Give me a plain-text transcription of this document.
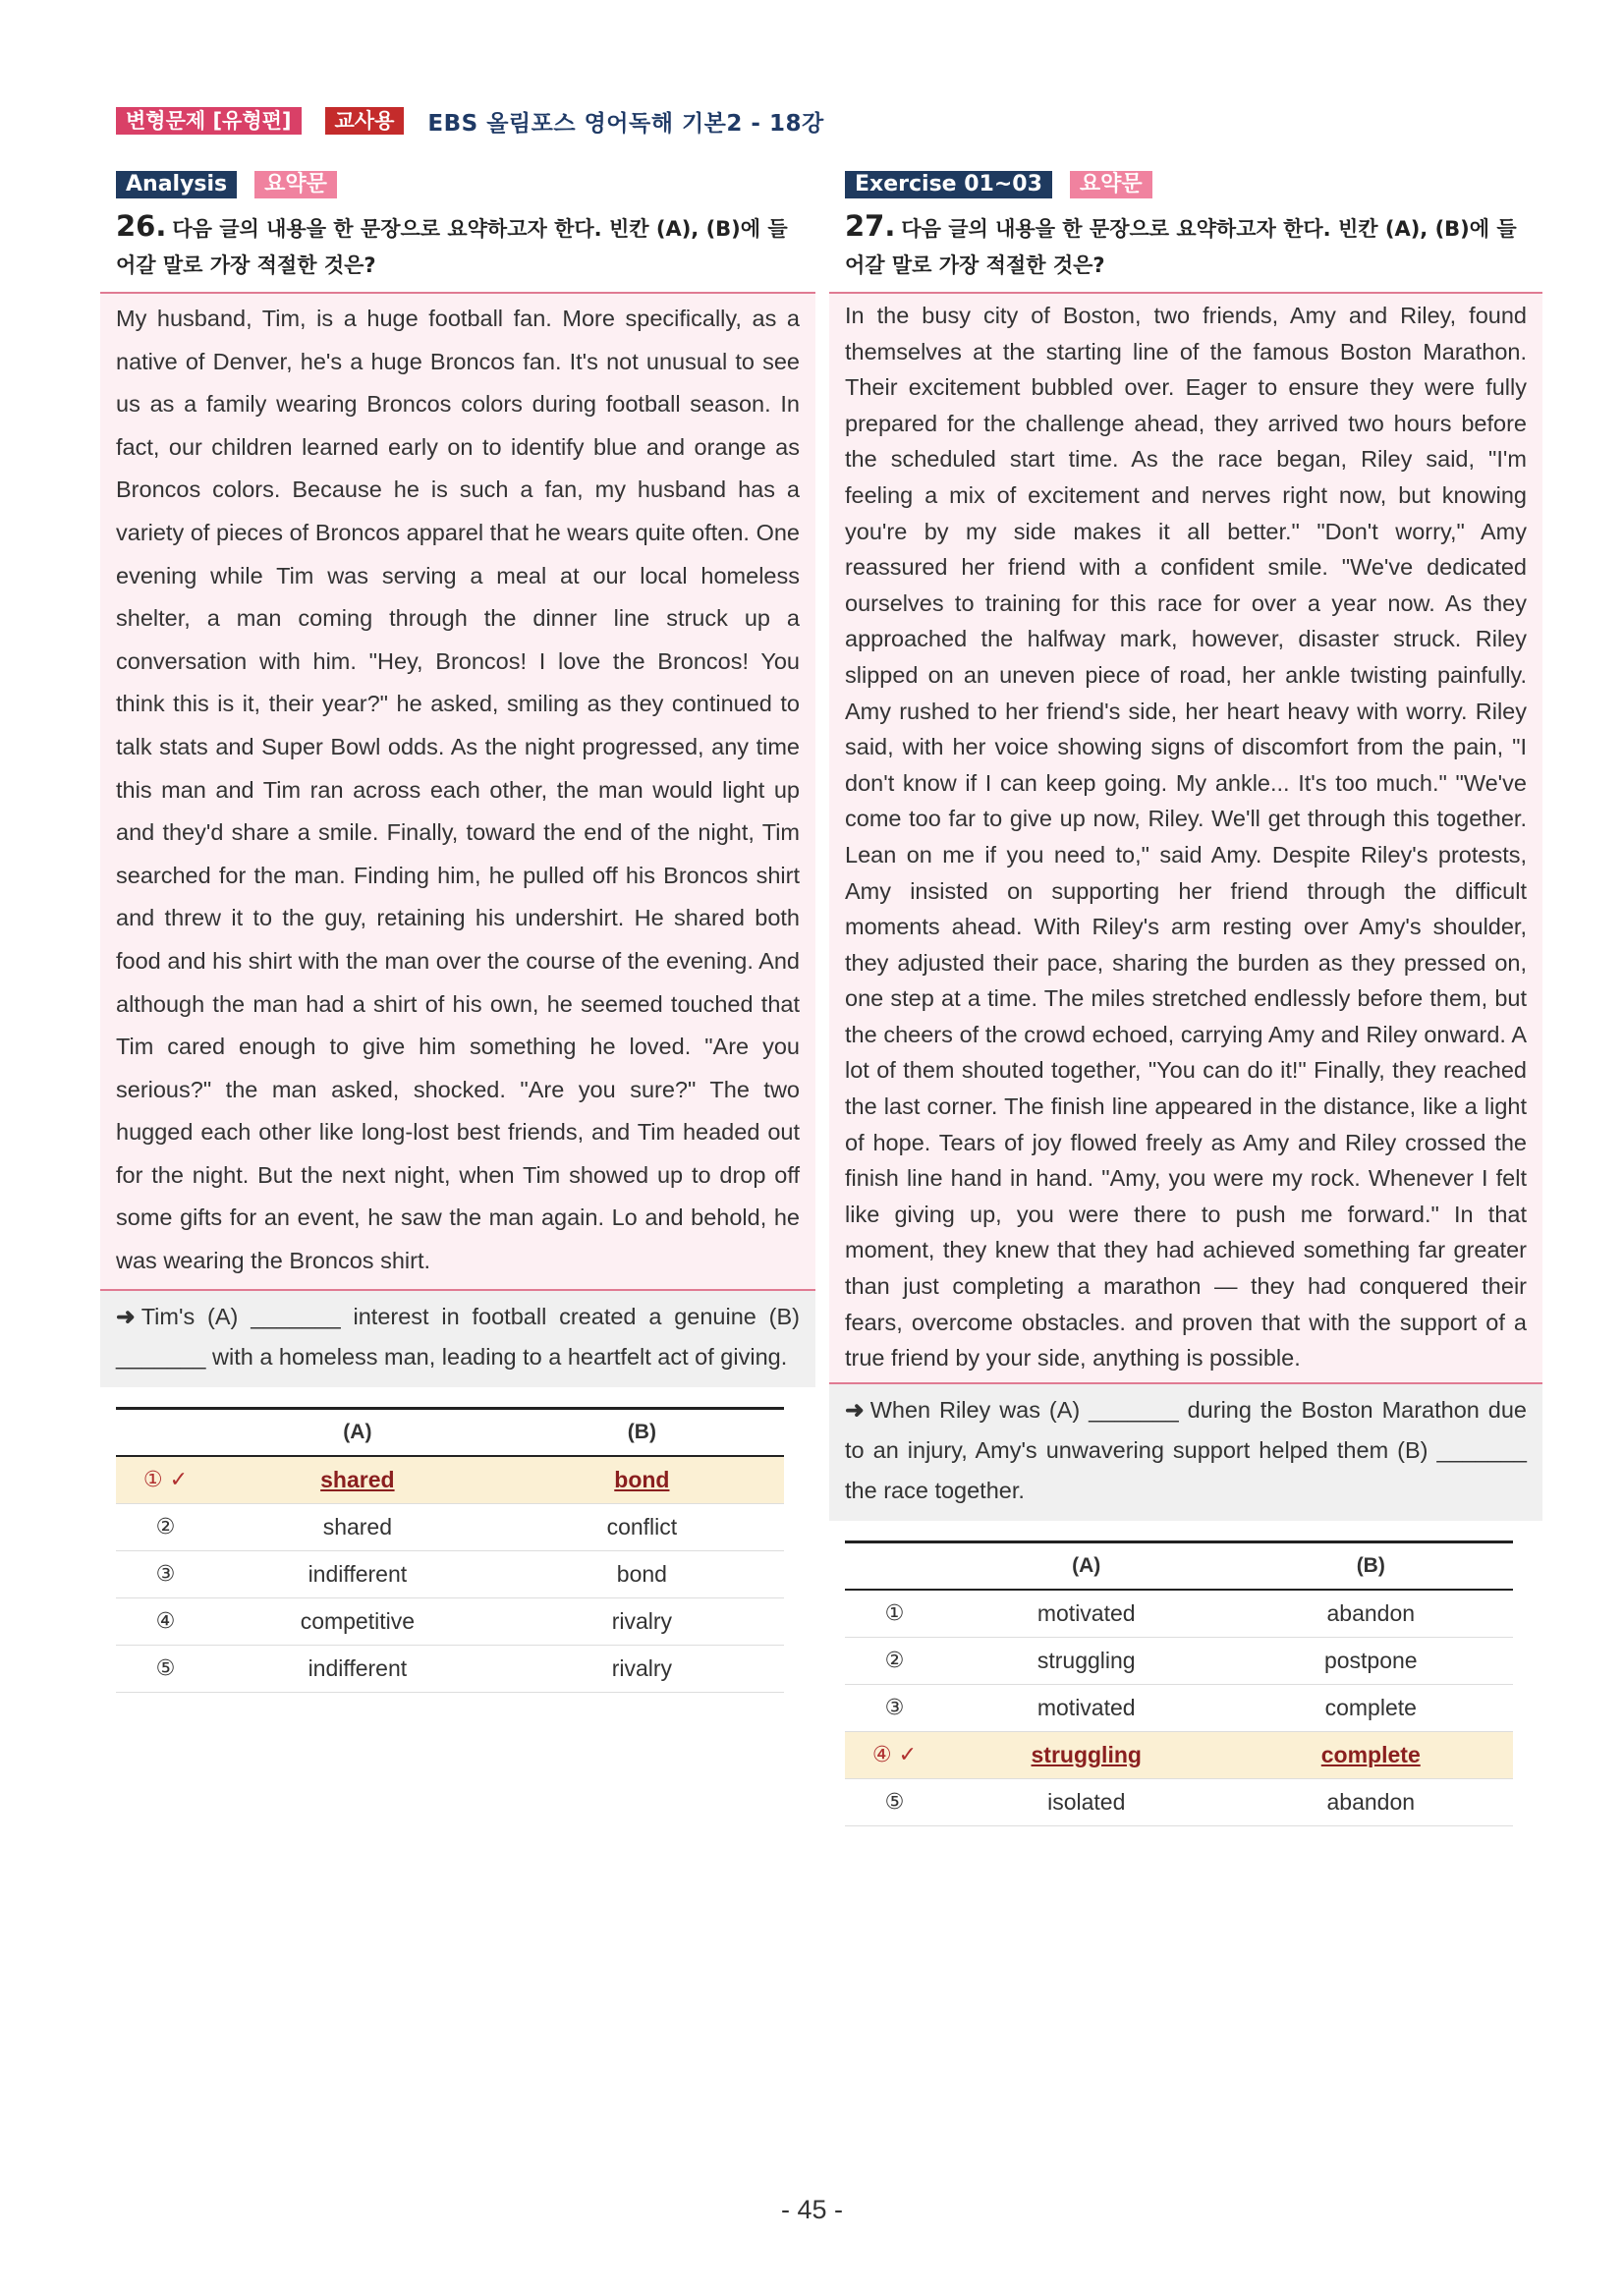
변형문제 [유형편]	교사용	EBS 올림포스 영어독해 기본2 - 18강
Analysis	요약문
26. 다음 글의 내용을 한 문장으로 요약하고자 한다. 빈칸 (A), (B)에 들어갈 말로 가장 적절한 것은?
My husband, Tim, is a huge football fan. More specifically, as a native of Denver, he's a huge Broncos fan. It's not unusual to see us as a family wearing Broncos colors during football season. In fact, our children learned early on to identify blue and orange as Broncos colors. Because he is such a fan, my husband has a variety of pieces of Broncos apparel that he wears quite often. One evening while Tim was serving a meal at our local homeless shelter, a man coming through the dinner line struck up a conversation with him. "Hey, Broncos! I love the Broncos! You think this is it, their year?" he asked, smiling as they continued to talk stats and Super Bowl odds. As the night progressed, any time this man and Tim ran across each other, the man would light up and they'd share a smile. Finally, toward the end of the night, Tim searched for the man. Finding him, he pulled off his Broncos shirt and threw it to the guy, retaining his undershirt. He shared both food and his shirt with the man over the course of the evening. And although the man had a shirt of his own, he seemed touched that Tim cared enough to give him something he loved. "Are you serious?" the man asked, shocked. "Are you sure?" The two hugged each other like long-lost best friends, and Tim headed out for the night. But the next night, when Tim showed up to drop off some gifts for an event, he saw the man again. Lo and behold, he was wearing the Broncos shirt.
➜ Tim's (A) _______ interest in football created a genuine (B) _______ with a homeless man, leading to a heartfelt act of giving.
	(A)	(B)
① ✓	shared	bond
②	shared	conflict
③	indifferent	bond
④	competitive	rivalry
⑤	indifferent	rivalry
Exercise 01~03	요약문
27. 다음 글의 내용을 한 문장으로 요약하고자 한다. 빈칸 (A), (B)에 들어갈 말로 가장 적절한 것은?
In the busy city of Boston, two friends, Amy and Riley, found themselves at the starting line of the famous Boston Marathon. Their excitement bubbled over. Eager to ensure they were fully prepared for the challenge ahead, they arrived two hours before the scheduled start time. As the race began, Riley said, "I'm feeling a mix of excitement and nerves right now, but knowing you're by my side makes it all better." "Don't worry," Amy reassured her friend with a confident smile. "We've dedicated ourselves to training for this race for over a year now. As they approached the halfway mark, however, disaster struck. Riley slipped on an uneven piece of road, her ankle twisting painfully. Amy rushed to her friend's side, her heart heavy with worry. Riley said, with her voice showing signs of discomfort from the pain, "I don't know if I can keep going. My ankle... It's too much." "We've come too far to give up now, Riley. We'll get through this together. Lean on me if you need to," said Amy. Despite Riley's protests, Amy insisted on supporting her friend through the difficult moments ahead. With Riley's arm resting over Amy's shoulder, they adjusted their pace, sharing the burden as they pressed on, one step at a time. The miles stretched endlessly before them, but the cheers of the crowd echoed, carrying Amy and Riley onward. A lot of them shouted together, "You can do it!" Finally, they reached the last corner. The finish line appeared in the distance, like a light of hope. Tears of joy flowed freely as Amy and Riley crossed the finish line hand in hand. "Amy, you were my rock. Whenever I felt like giving up, you were there to push me forward." In that moment, they knew that they had achieved something far greater than just completing a marathon — they had conquered their fears, overcome obstacles. and proven that with the support of a true friend by your side, anything is possible.
➜ When Riley was (A) _______ during the Boston Marathon due to an injury, Amy's unwavering support helped them (B) _______ the race together.
	(A)	(B)
①	motivated	abandon
②	struggling	postpone
③	motivated	complete
④ ✓	struggling	complete
⑤	isolated	abandon
- 45 -
